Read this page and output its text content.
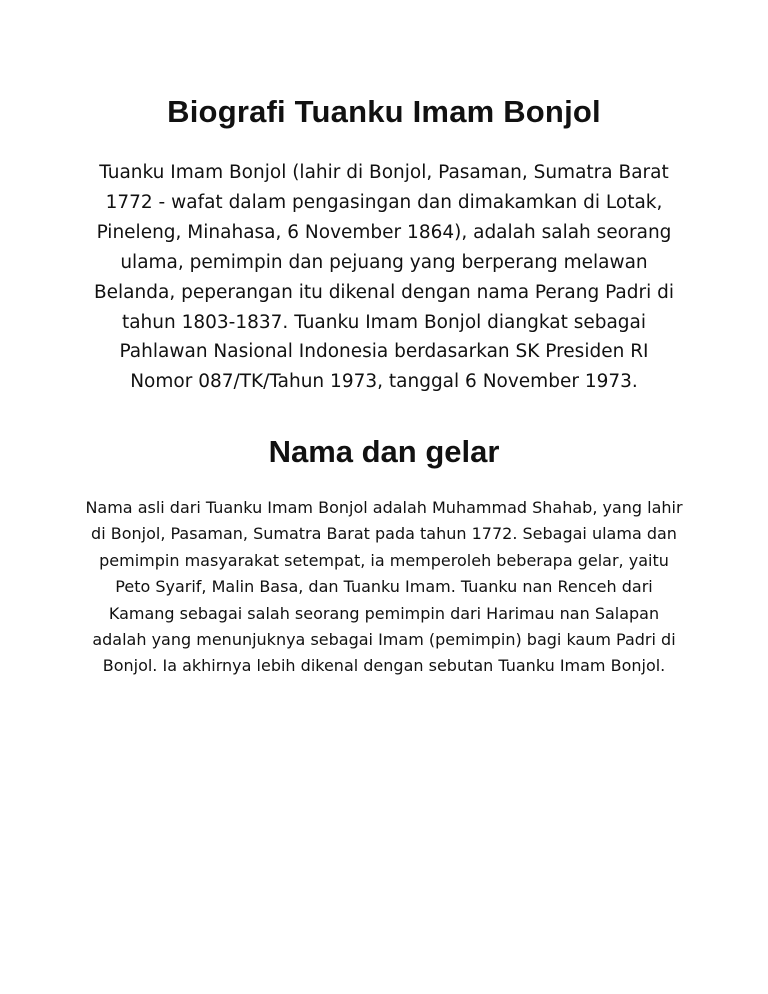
Biografi Tuanku Imam Bonjol

Tuanku Imam Bonjol (lahir di Bonjol, Pasaman, Sumatra Barat 1772 - wafat dalam pengasingan dan dimakamkan di Lotak, Pineleng, Minahasa, 6 November 1864), adalah salah seorang ulama, pemimpin dan pejuang yang berperang melawan Belanda, peperangan itu dikenal dengan nama Perang Padri di tahun 1803-1837. Tuanku Imam Bonjol diangkat sebagai Pahlawan Nasional Indonesia berdasarkan SK Presiden RI Nomor 087/TK/Tahun 1973, tanggal 6 November 1973.

Nama dan gelar

Nama asli dari Tuanku Imam Bonjol adalah Muhammad Shahab, yang lahir di Bonjol, Pasaman, Sumatra Barat pada tahun 1772. Sebagai ulama dan pemimpin masyarakat setempat, ia memperoleh beberapa gelar, yaitu Peto Syarif, Malin Basa, dan Tuanku Imam. Tuanku nan Renceh dari Kamang sebagai salah seorang pemimpin dari Harimau nan Salapan adalah yang menunjuknya sebagai Imam (pemimpin) bagi kaum Padri di Bonjol. Ia akhirnya lebih dikenal dengan sebutan Tuanku Imam Bonjol.
